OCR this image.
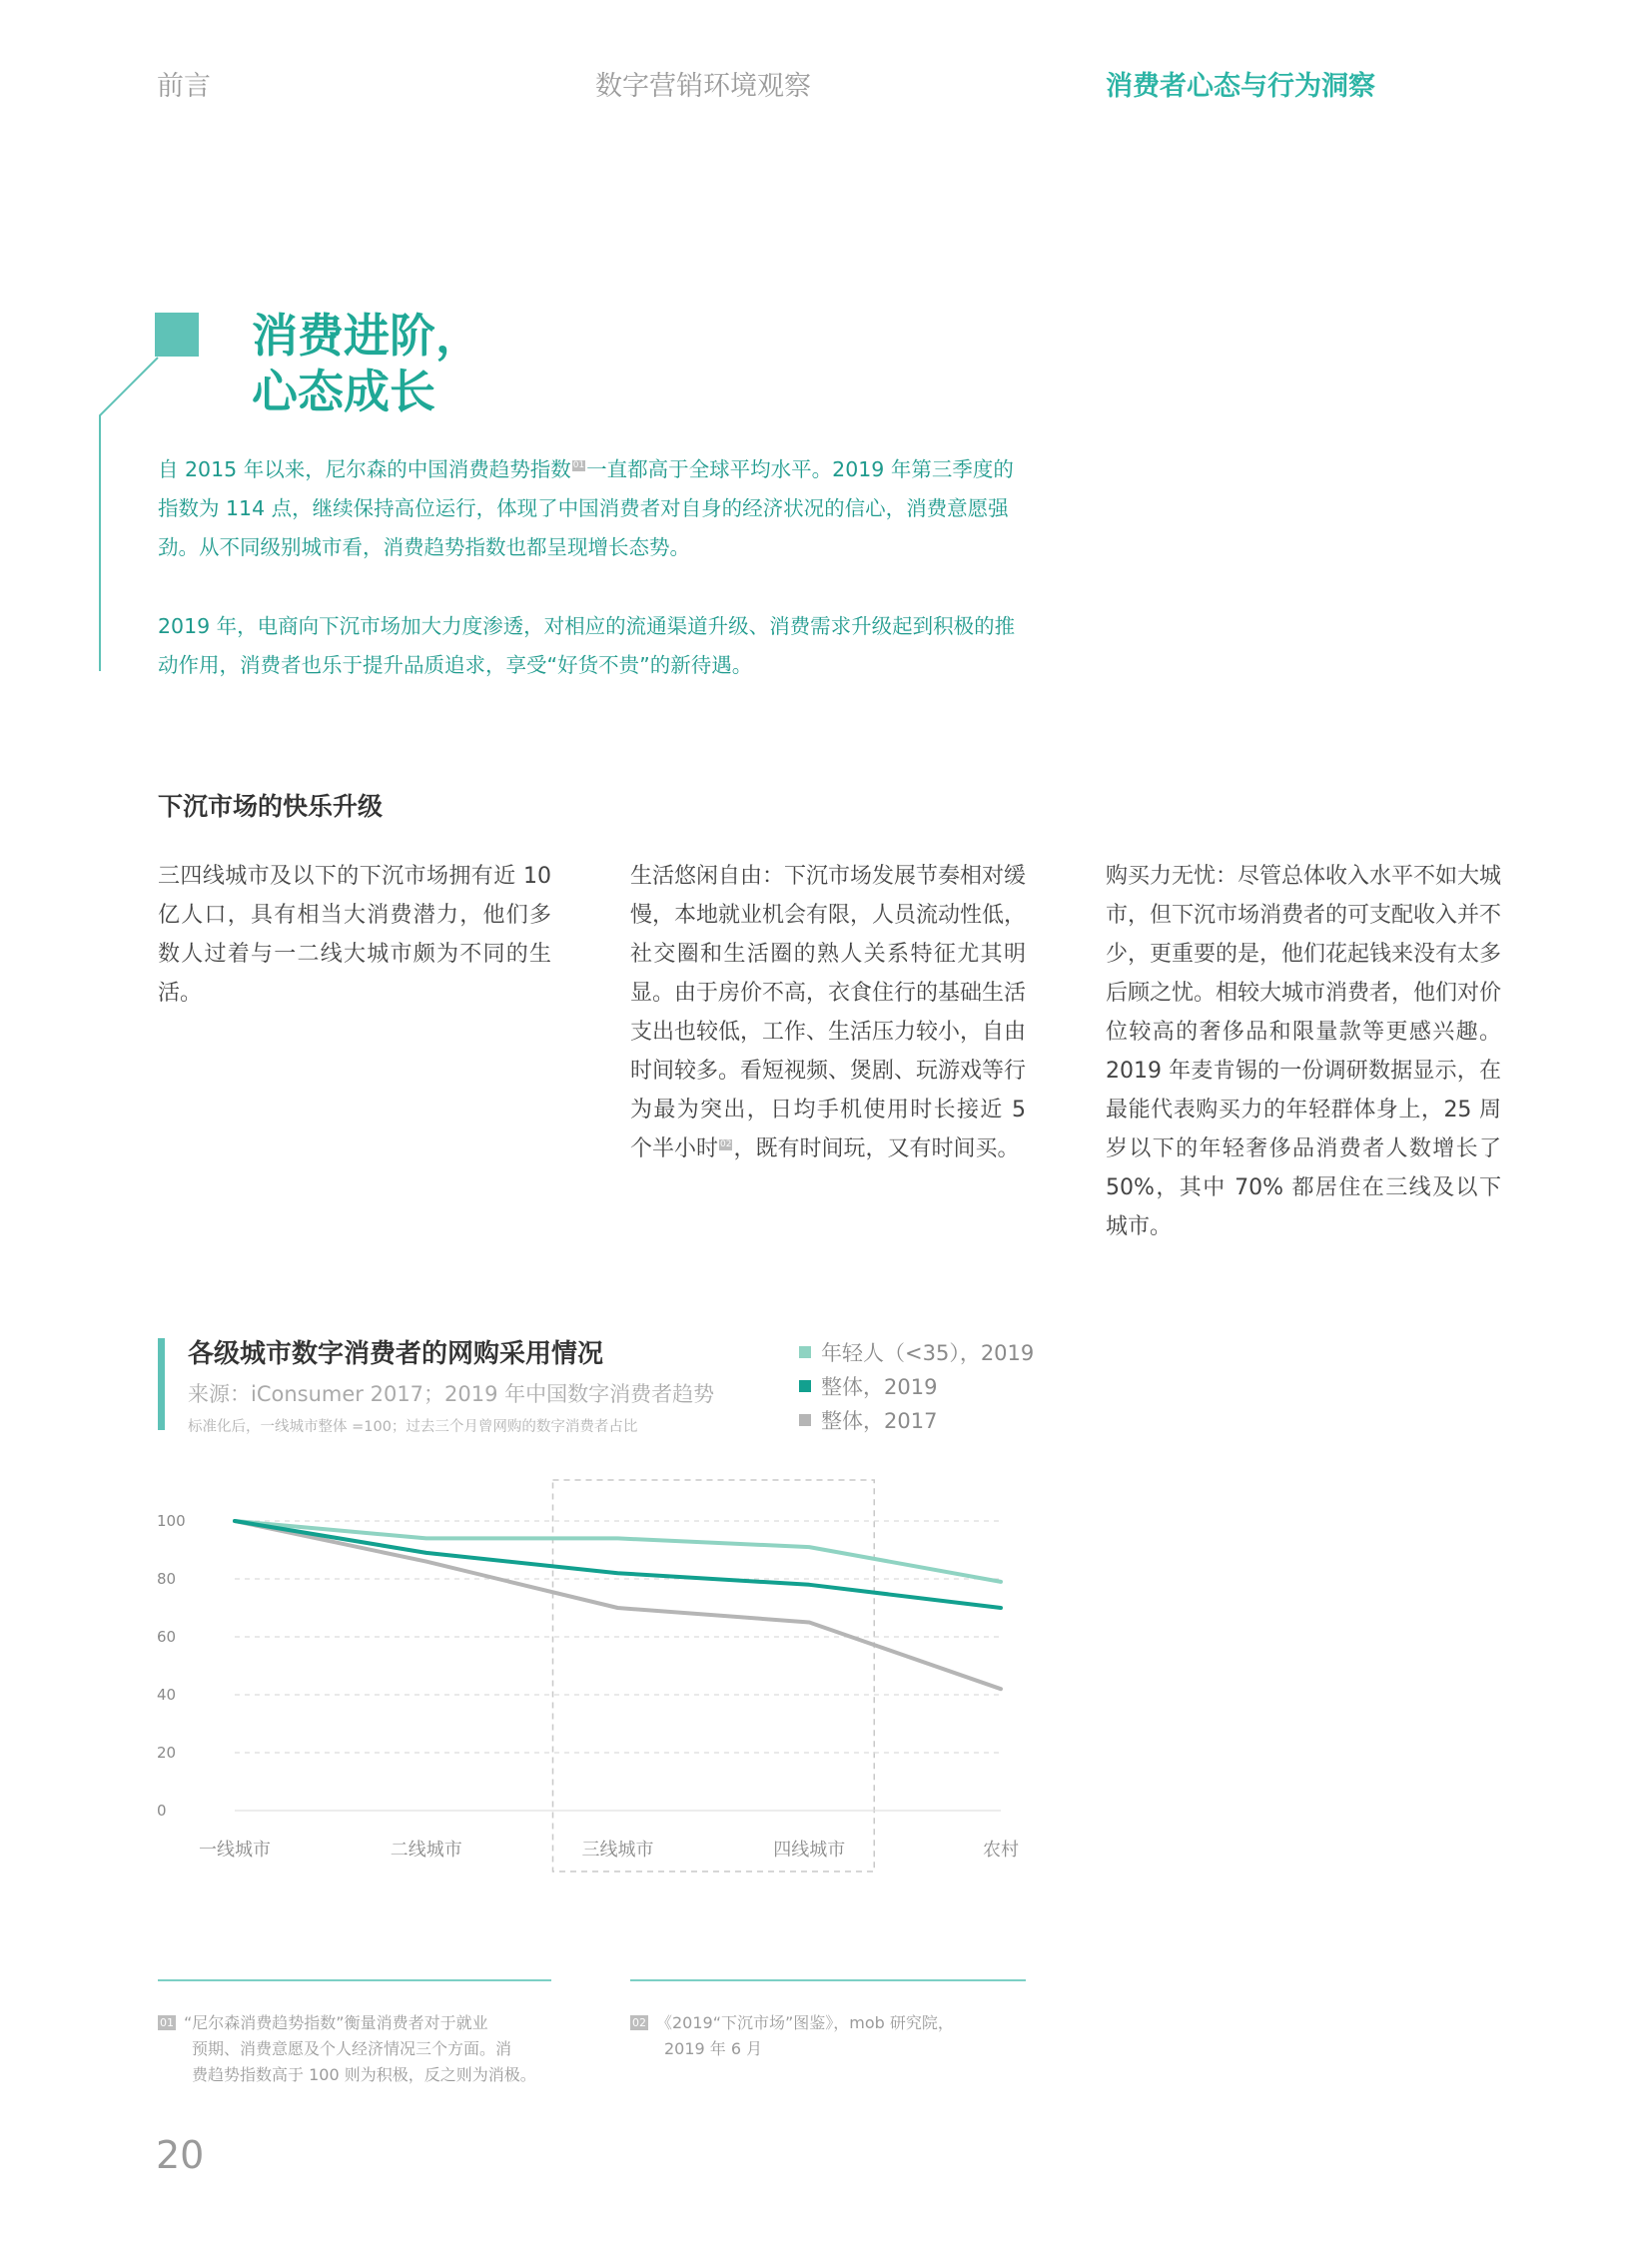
前言	数字营销环境观察	消费者心态与行为洞察
消费进阶，
心态成长
自 2015 年以来，尼尔森的中国消费趋势指数 $^{01}$一直都高于全球平均水平。2019 年第三季度的指数为 114 点，继续保持高位运行，体现了中国消费者对自身的经济状况的信心，消费意愿强劲。从不同级别城市看，消费趋势指数也都呈现增长态势。
2019 年，电商向下沉市场加大力度渗透，对相应的流通渠道升级、消费需求升级起到积极的推动作用，消费者也乐于提升品质追求，享受“好货不贵”的新待遇。
下沉市场的快乐升级
三四线城市及以下的下沉市场拥有近 10 亿人口，具有相当大消费潜力，他们多数人过着与一二线大城市颇为不同的生活。
生活悠闲自由：下沉市场发展节奏相对缓慢，本地就业机会有限，人员流动性低，社交圈和生活圈的熟人关系特征尤其明显。由于房价不高，衣食住行的基础生活支出也较低，工作、生活压力较小，自由时间较多。看短视频、煲剧、玩游戏等行为最为突出，日均手机使用时长接近 5 个半小时 $^{02}$，既有时间玩，又有时间买。
购买力无忧：尽管总体收入水平不如大城市，但下沉市场消费者的可支配收入并不少，更重要的是，他们花起钱来没有太多后顾之忧。相较大城市消费者，他们对价位较高的奢侈品和限量款等更感兴趣。2019 年麦肯锡的一份调研数据显示，在最能代表购买力的年轻群体身上，25 周岁以下的年轻奢侈品消费者人数增长了 50%，其中 70% 都居住在三线及以下城市。
各级城市数字消费者的网购采用情况
来源：iConsumer 2017；2019 年中国数字消费者趋势
标准化后，一线城市整体 =100；过去三个月曾网购的数字消费者占比
年轻人（<35），2019
整体，2019
整体，2017
100
80
60
40
20
0
一线城市	二线城市	三线城市	四线城市	农村
01 “尼尔森消费趋势指数”衡量消费者对于就业
预期、消费意愿及个人经济情况三个方面。消
费趋势指数高于 100 则为积极，反之则为消极。
02 《2019“下沉市场”图鉴》，mob 研究院，
2019 年 6 月
20
